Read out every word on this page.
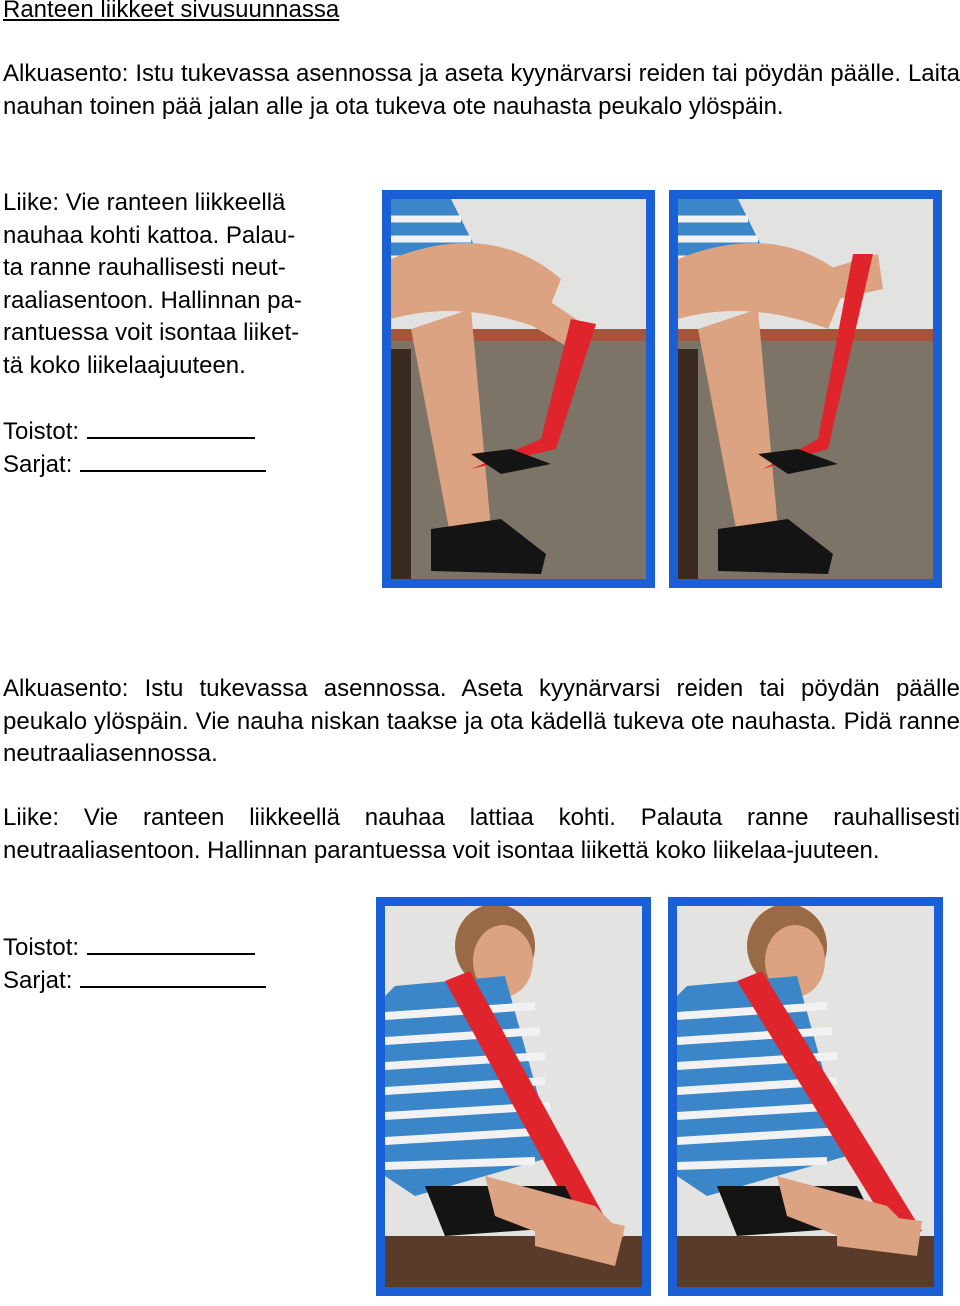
Ranteen liikkeet sivusuunnassa
Alkuasento: Istu tukevassa asennossa ja aseta kyynärvarsi reiden tai pöydän päälle. Laita nauhan toinen pää jalan alle ja ota tukeva ote nauhasta peukalo ylöspäin.
Liike: Vie ranteen liikkeellä
nauhaa kohti kattoa. Palau-
ta ranne rauhallisesti neut-
raaliasentoon. Hallinnan pa-
rantuessa voit isontaa liiket-
tä koko liikelaajuuteen.
Toistot:
Sarjat:
Alkuasento: Istu tukevassa asennossa. Aseta kyynärvarsi reiden tai pöydän päälle peukalo ylöspäin. Vie nauha niskan taakse ja ota kädellä tukeva ote nauhasta. Pidä ranne neutraaliasennossa.
Liike: Vie ranteen liikkeellä nauhaa lattiaa kohti. Palauta ranne rauhallisesti neutraaliasentoon. Hallinnan parantuessa voit isontaa liikettä koko liikelaa-juuteen.
Toistot:
Sarjat:
